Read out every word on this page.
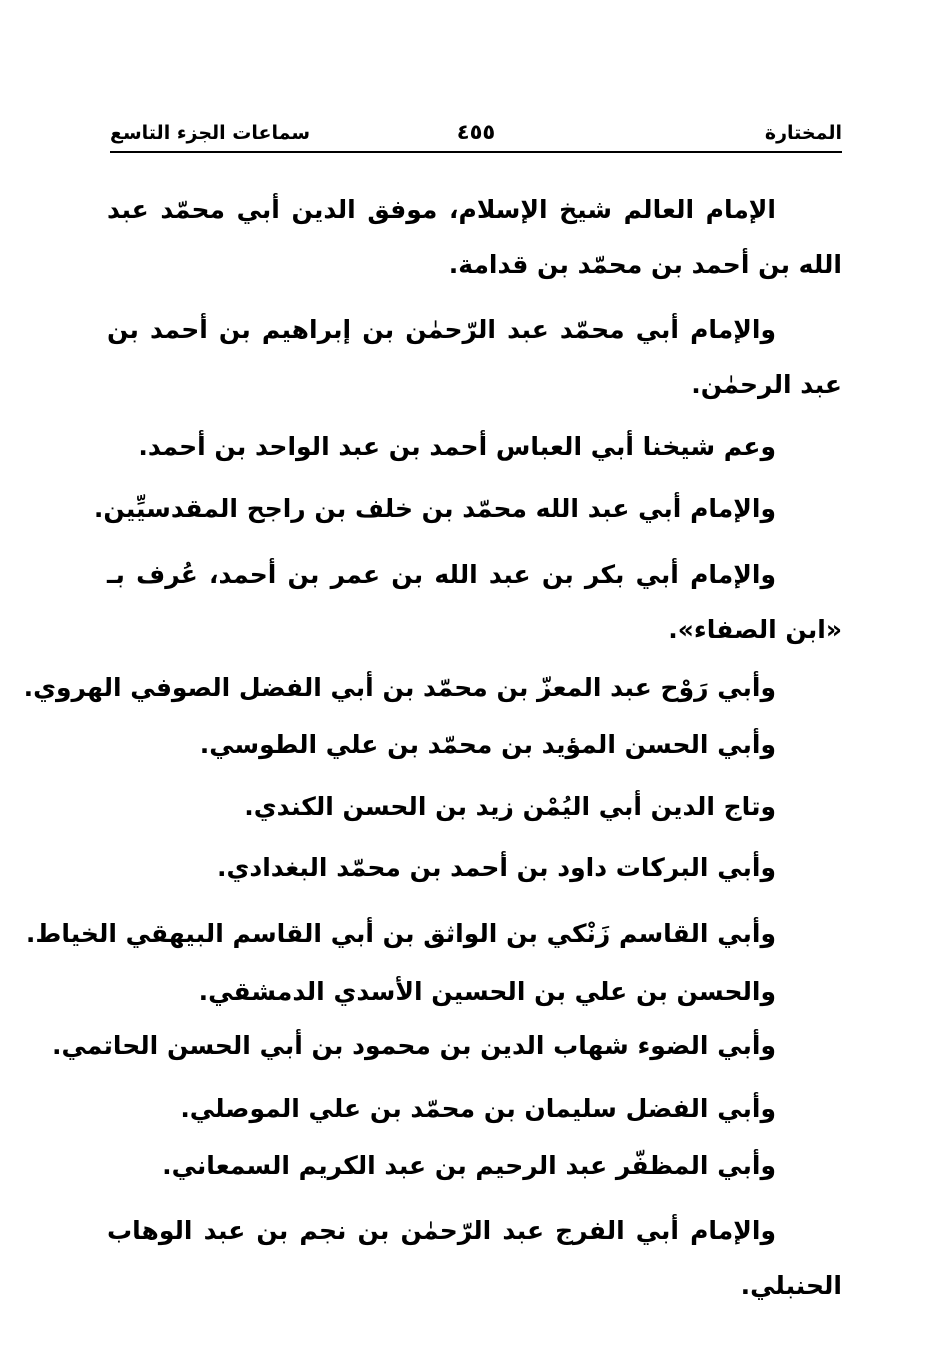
المختارة
٤٥٥
سماعات الجزء التاسع

الإمام العالم شيخ الإسلام، موفق الدين أبي محمّد عبد الله بن أحمد بن محمّد بن قدامة.

والإمام أبي محمّد عبد الرّحمٰن بن إبراهيم بن أحمد بن عبد الرحمٰن.

وعم شيخنا أبي العباس أحمد بن عبد الواحد بن أحمد.

والإمام أبي عبد الله محمّد بن خلف بن راجح المقدسيِّين.

والإمام أبي بكر بن عبد الله بن عمر بن أحمد، عُرف بـ «ابن الصفاء».

وأبي رَوْح عبد المعزّ بن محمّد بن أبي الفضل الصوفي الهروي.

وأبي الحسن المؤيد بن محمّد بن علي الطوسي.

وتاج الدين أبي اليُمْن زيد بن الحسن الكندي.

وأبي البركات داود بن أحمد بن محمّد البغدادي.

وأبي القاسم زَنْكي بن الواثق بن أبي القاسم البيهقي الخياط.

والحسن بن علي بن الحسين الأسدي الدمشقي.

وأبي الضوء شهاب الدين بن محمود بن أبي الحسن الحاتمي.

وأبي الفضل سليمان بن محمّد بن علي الموصلي.

وأبي المظفّر عبد الرحيم بن عبد الكريم السمعاني.

والإمام أبي الفرج عبد الرّحمٰن بن نجم بن عبد الوهاب الحنبلي.
